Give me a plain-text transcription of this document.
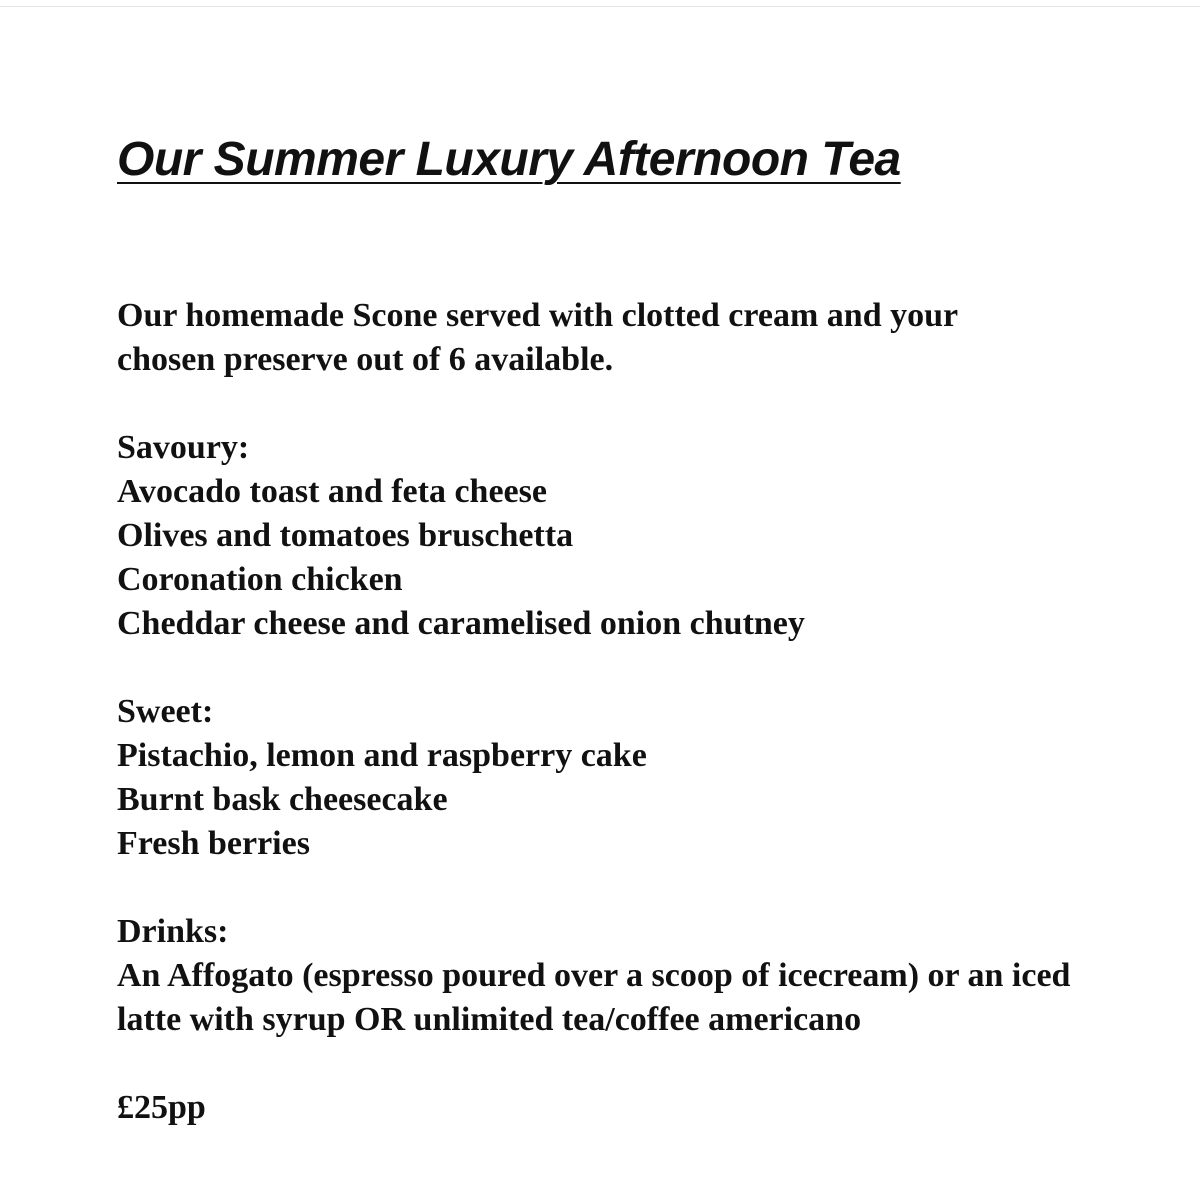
Our Summer Luxury Afternoon Tea
Our homemade Scone served with clotted cream and your chosen preserve out of 6 available.
Savoury:
Avocado toast and feta cheese
Olives and tomatoes bruschetta
Coronation chicken
Cheddar cheese and caramelised onion chutney
Sweet:
Pistachio, lemon and raspberry cake
Burnt bask cheesecake
Fresh berries
Drinks:
An Affogato (espresso poured over a scoop of icecream) or an iced latte with syrup OR unlimited tea/coffee americano
£25pp
